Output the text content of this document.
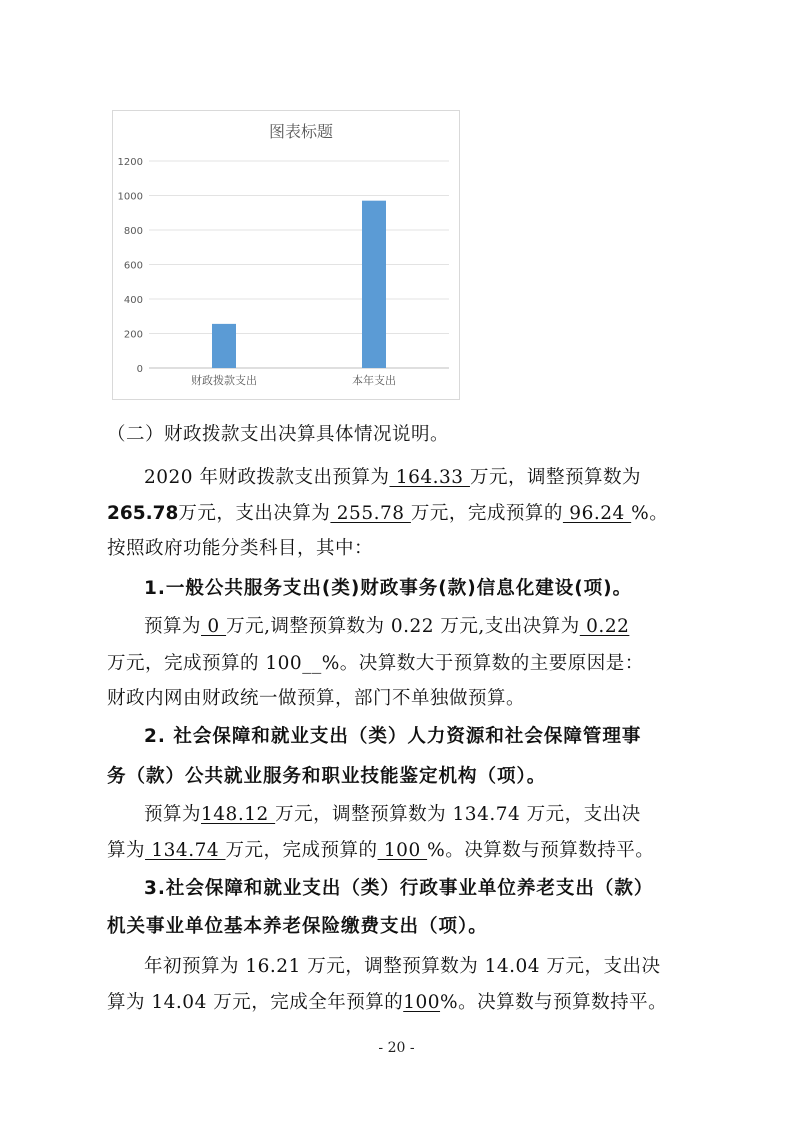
图表标题
0
200
400
600
800
1000
1200
财政拨款支出	本年支出
（二）财政拨款支出决算具体情况说明。
2020 年财政拨款支出预算为 164.33 万元，调整预算数为
265.78万元，支出决算为 255.78 万元，完成预算的 96.24 %。
按照政府功能分类科目，其中：
1.一般公共服务支出(类)财政事务(款)信息化建设(项)。
预算为 0 万元,调整预算数为 0.22 万元,支出决算为 0.22
万元，完成预算的 100__%。决算数大于预算数的主要原因是：
财政内网由财政统一做预算，部门不单独做预算。
2. 社会保障和就业支出（类）人力资源和社会保障管理事
务（款）公共就业服务和职业技能鉴定机构（项）。
预算为148.12 万元，调整预算数为 134.74 万元，支出决
算为 134.74 万元，完成预算的 100 %。决算数与预算数持平。
3.社会保障和就业支出（类）行政事业单位养老支出（款）
机关事业单位基本养老保险缴费支出（项）。
年初预算为 16.21 万元，调整预算数为 14.04 万元，支出决
算为 14.04 万元，完成全年预算的100%。决算数与预算数持平。
- 20 -
